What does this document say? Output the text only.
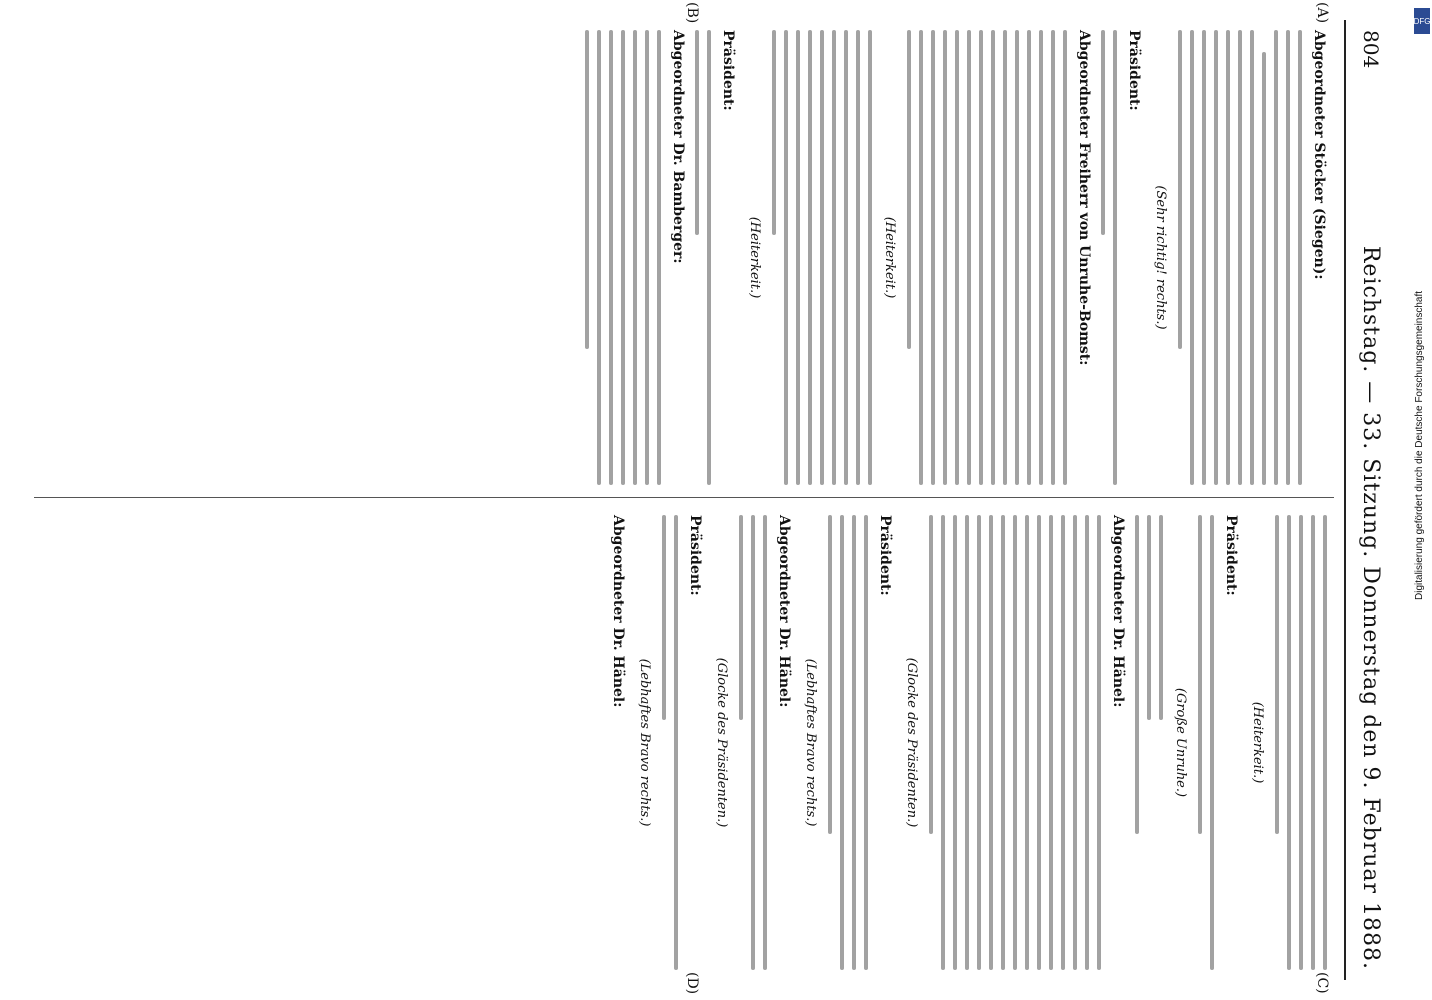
804
Reichstag. — 33. Sitzung. Donnerstag den 9. Februar 1888.
(A)
(B)
(C)
(D)
Abgeordneter Stöcker (Siegen):
(Sehr richtig! rechts.)
Präsident:
Abgeordneter Freiherr von Unruhe-Bomst:
(Heiterkeit.)
(Heiterkeit.)
Präsident:
Abgeordneter Dr. Bamberger:
(Heiterkeit.)
Präsident:
(Große Unruhe.)
Abgeordneter Dr. Hänel:
(Glocke des Präsidenten.)
Präsident:
(Lebhaftes Bravo rechts.)
Abgeordneter Dr. Hänel:
(Glocke des Präsidenten.)
Präsident:
(Lebhaftes Bravo rechts.)
Abgeordneter Dr. Hänel:
DFG
Digitalisierung gefördert durch die Deutsche Forschungsgemeinschaft
